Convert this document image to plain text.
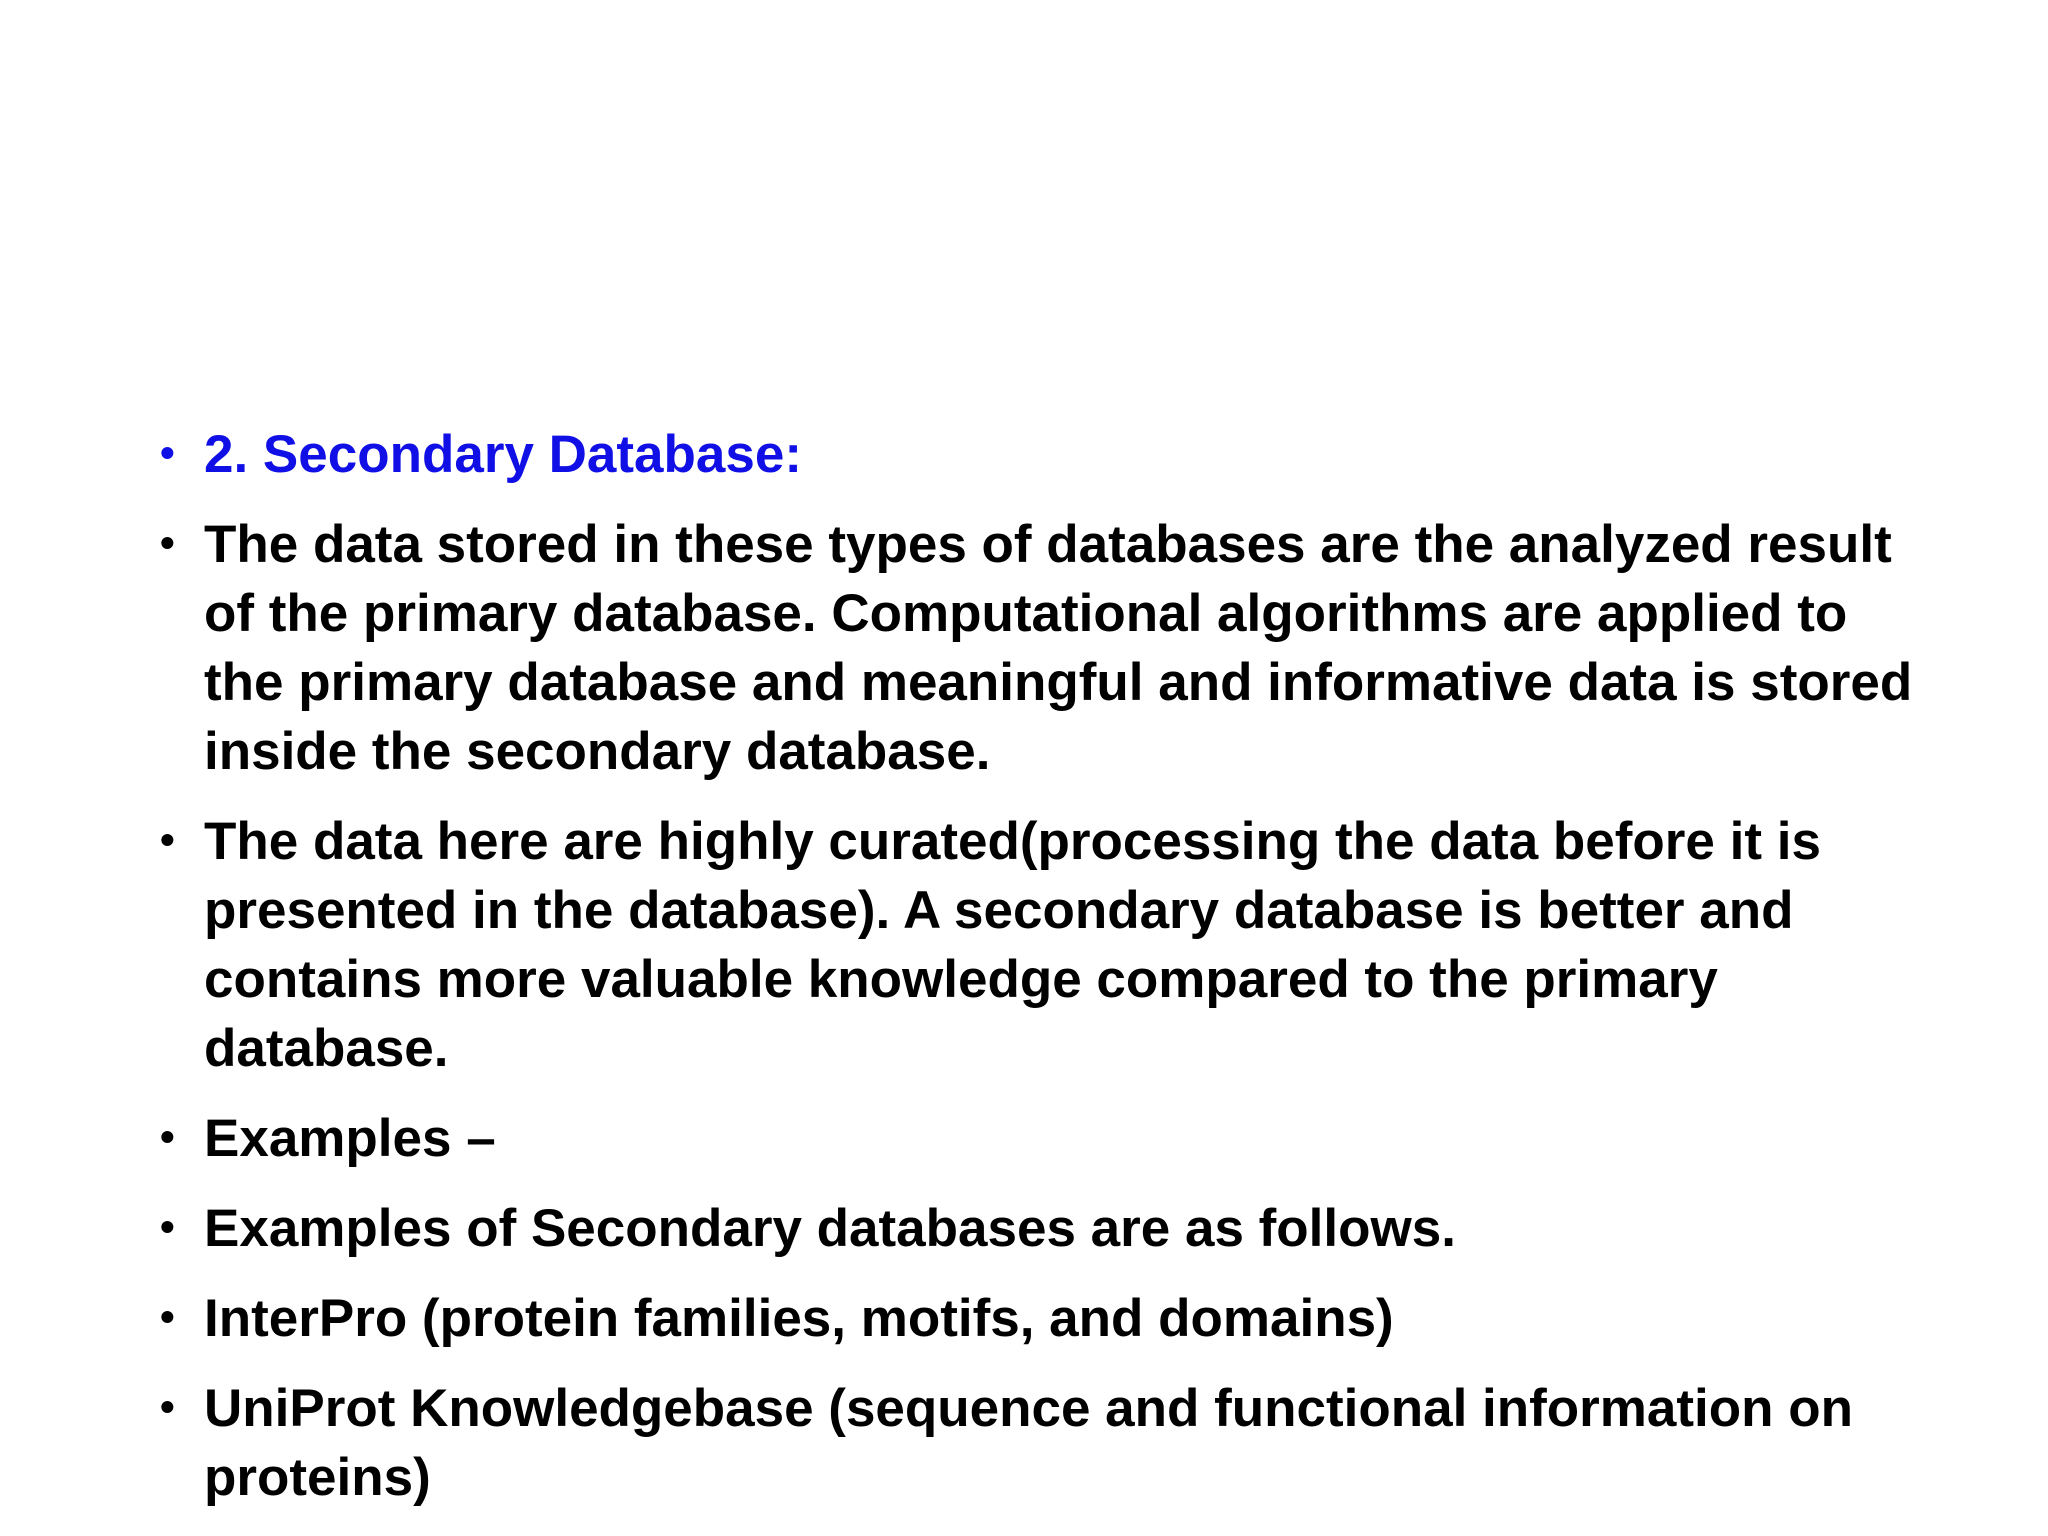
• 2. Secondary Database:
• The data stored in these types of databases are the analyzed result of the primary database. Computational algorithms are applied to the primary database and meaningful and informative data is stored inside the secondary database.
• The data here are highly curated(processing the data before it is presented in the database). A secondary database is better and contains more valuable knowledge compared to the primary database.
• Examples –
• Examples of Secondary databases are as follows.
• InterPro (protein families, motifs, and domains)
• UniProt Knowledgebase (sequence and functional information on proteins)
